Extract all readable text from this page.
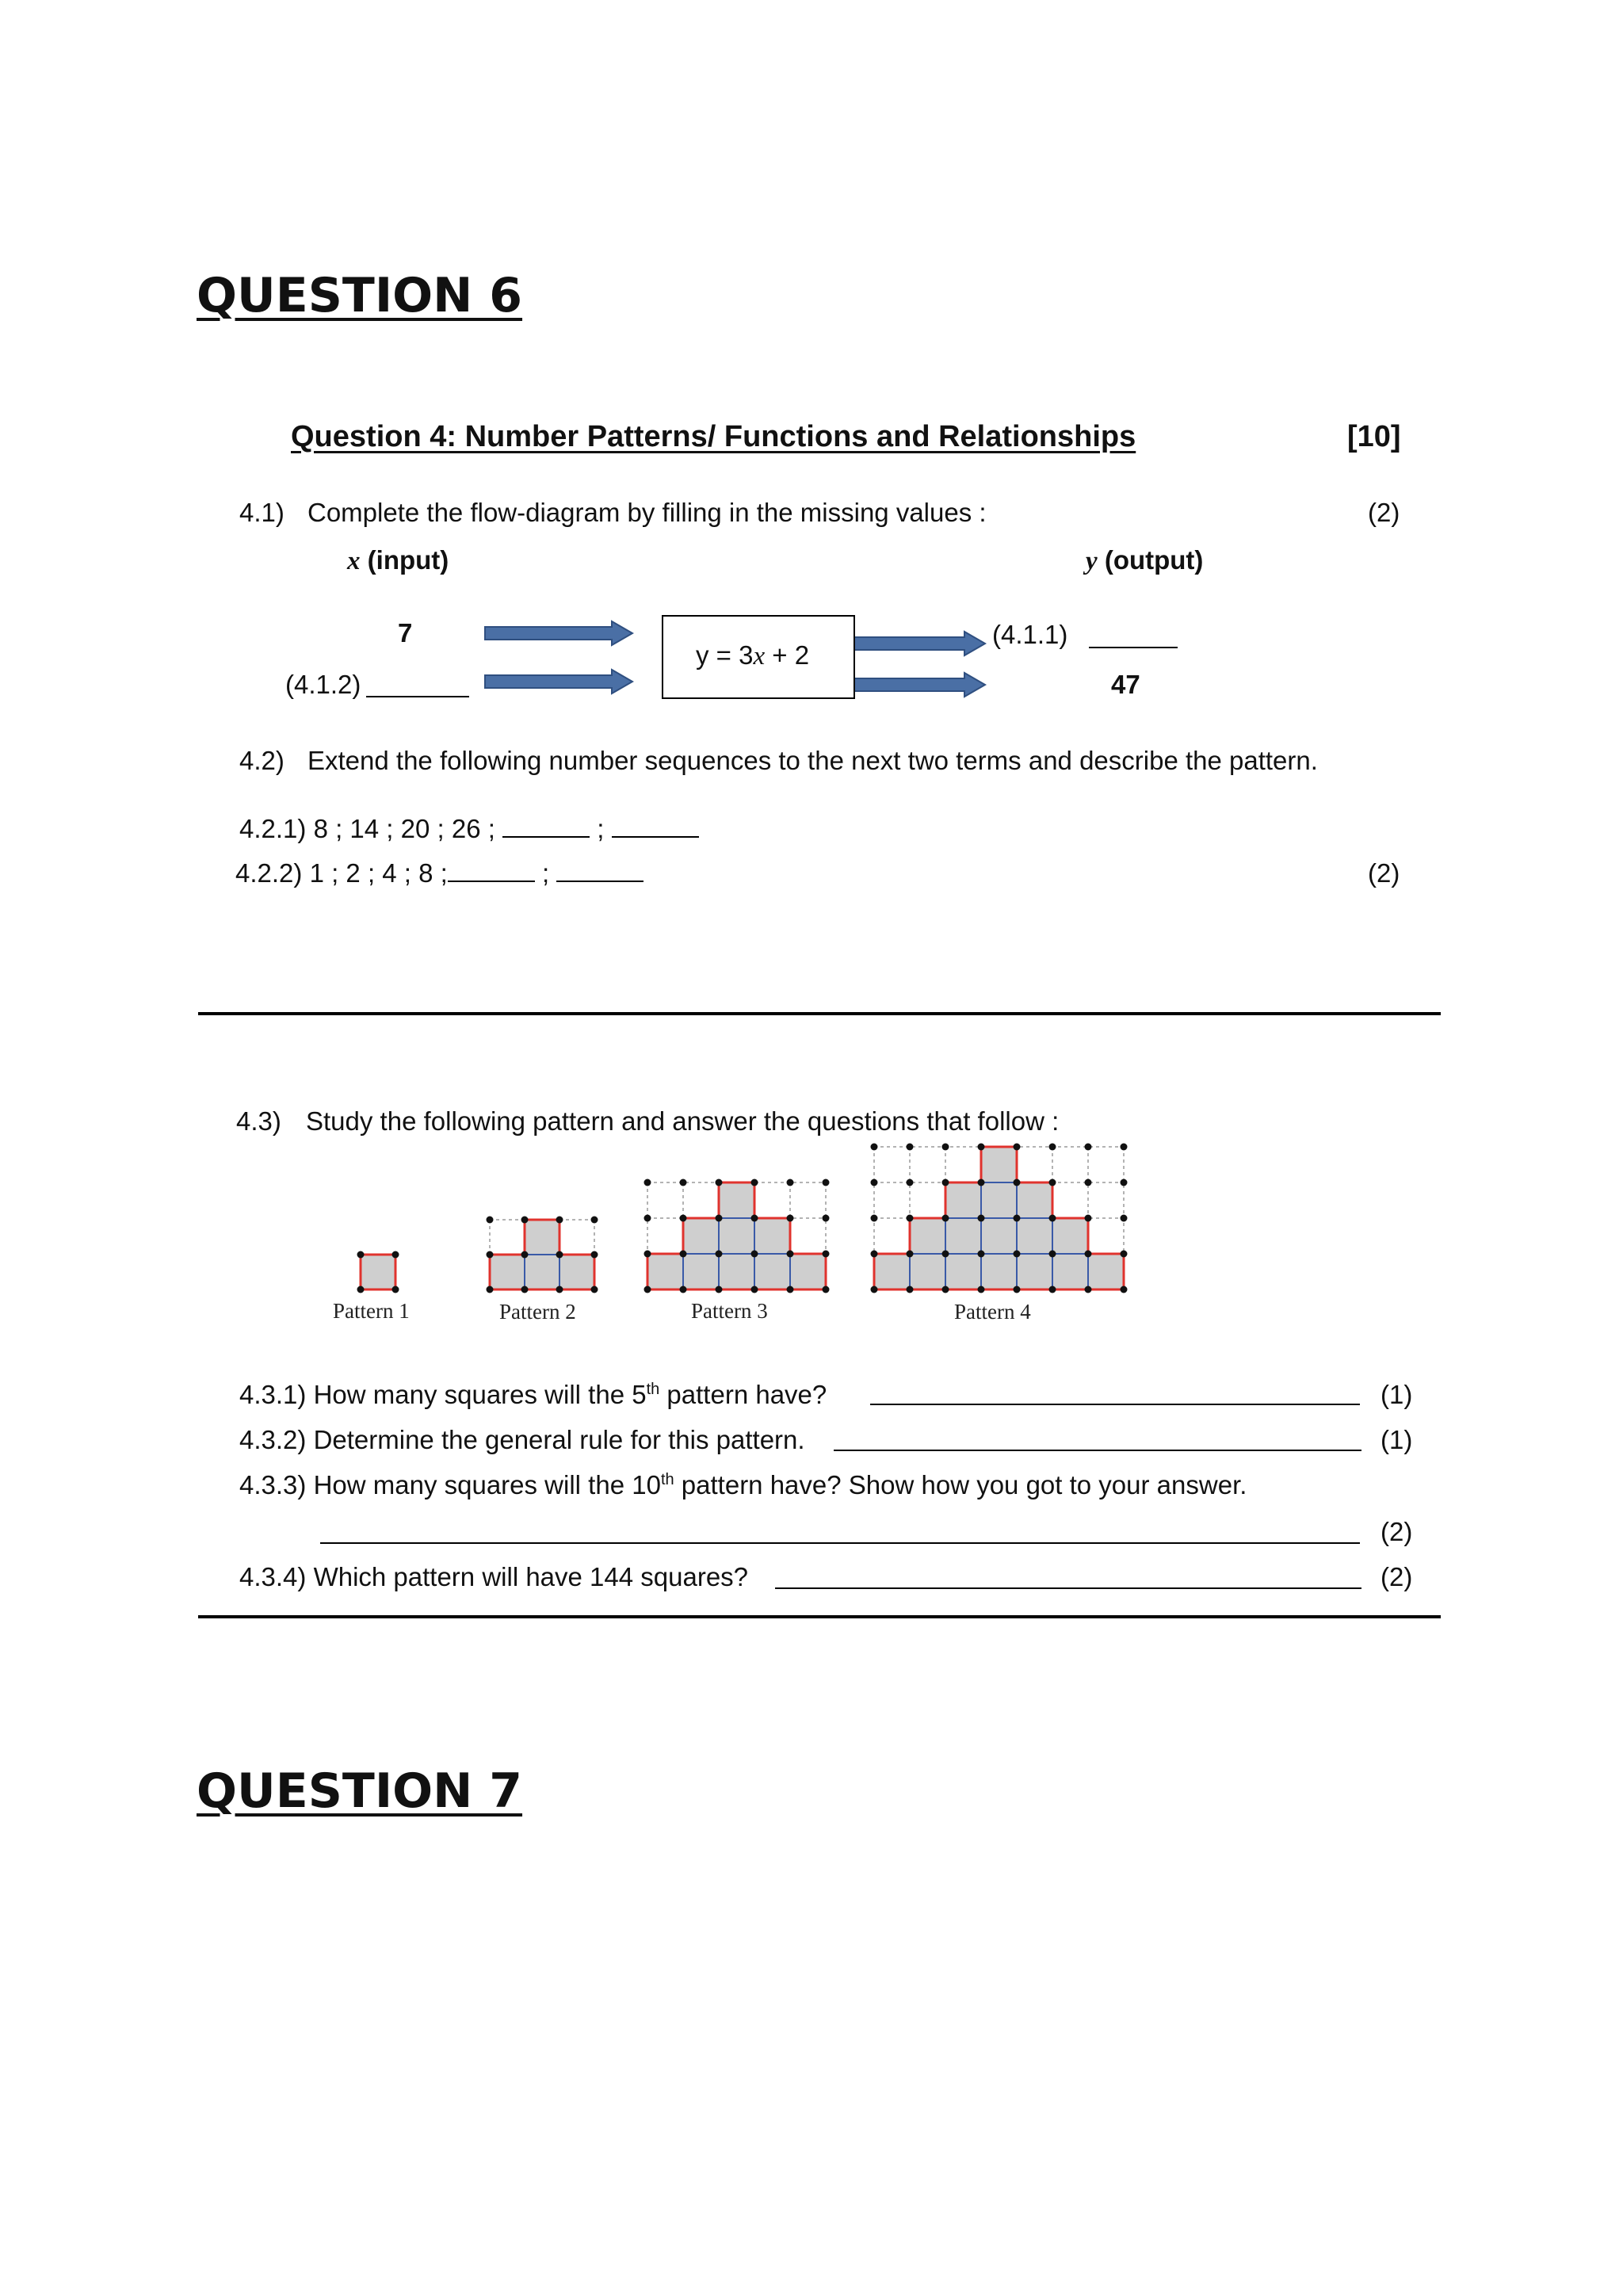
QUESTION 6
Question 4: Number Patterns/ Functions and Relationships	[10]
4.1) Complete the flow-diagram by filling in the missing values :	(2)
x (input)	y (output)
7
(4.1.2)
y = 3x + 2
(4.1.1)
47
4.2) Extend the following number sequences to the next two terms and describe the pattern.
4.2.1) 8 ; 14 ; 20 ; 26 ;	;
4.2.2) 1 ; 2 ; 4 ; 8 ;	;	(2)
4.3) Study the following pattern and answer the questions that follow :
Pattern 1	Pattern 2	Pattern 3	Pattern 4
4.3.1) How many squares will the 5th pattern have?	(1)
4.3.2) Determine the general rule for this pattern.	(1)
4.3.3) How many squares will the 10th pattern have? Show how you got to your answer.
(2)
4.3.4) Which pattern will have 144 squares?	(2)
QUESTION 7
